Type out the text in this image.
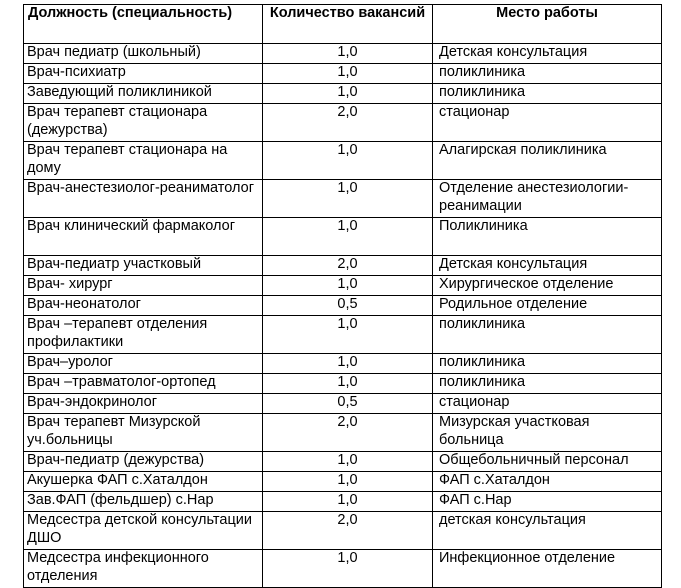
Должность (специальность)	Количество вакансий	Место работы
Врач педиатр (школьный)	1,0	Детская консультация
Врач-психиатр	1,0	поликлиника
Заведующий поликлиникой	1,0	поликлиника
Врач терапевт стационара (дежурства)	2,0	стационар
Врач терапевт стационара на дому	1,0	Алагирская поликлиника
Врач-анестезиолог-реаниматолог	1,0	Отделение анестезиологии-реанимации
Врач клинический фармаколог	1,0	Поликлиника
Врач-педиатр участковый	2,0	Детская консультация
Врач- хирург	1,0	Хирургическое отделение
Врач-неонатолог	0,5	Родильное отделение
Врач –терапевт отделения профилактики	1,0	поликлиника
Врач–уролог	1,0	поликлиника
Врач –травматолог-ортопед	1,0	поликлиника
Врач-эндокринолог	0,5	стационар
Врач терапевт Мизурской уч.больницы	2,0	Мизурская участковая больница
Врач-педиатр (дежурства)	1,0	Общебольничный персонал
Акушерка ФАП с.Хаталдон	1,0	ФАП с.Хаталдон
Зав.ФАП (фельдшер) с.Нар	1,0	ФАП с.Нар
Медсестра детской консультации ДШО	2,0	детская консультация
Медсестра инфекционного отделения	1,0	Инфекционное отделение
